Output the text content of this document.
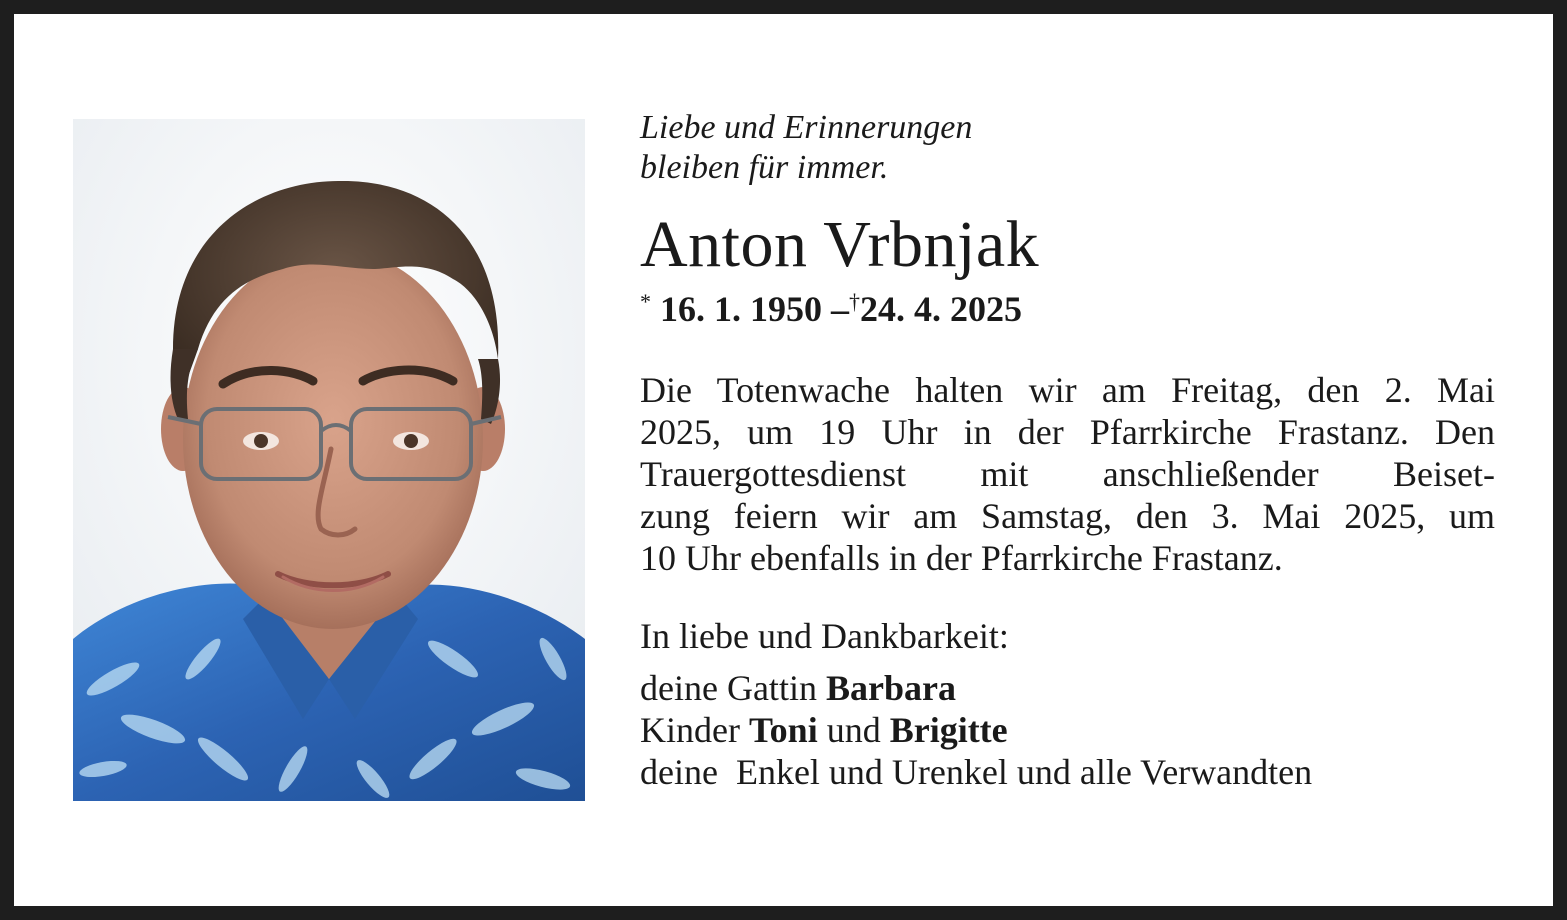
Liebe und Erinnerungen
bleiben für immer.

Anton Vrbnjak

* 16. 1. 1950 –†24. 4. 2025

Die Totenwache halten wir am Freitag, den 2. Mai
2025, um 19 Uhr in der Pfarrkirche Frastanz. Den
Trauergottesdienst mit anschließender Beiset-
zung feiern wir am Samstag, den 3. Mai 2025, um
10 Uhr ebenfalls in der Pfarrkirche Frastanz.

In liebe und Dankbarkeit:

deine Gattin Barbara
Kinder Toni und Brigitte
deine  Enkel und Urenkel und alle Verwandten
